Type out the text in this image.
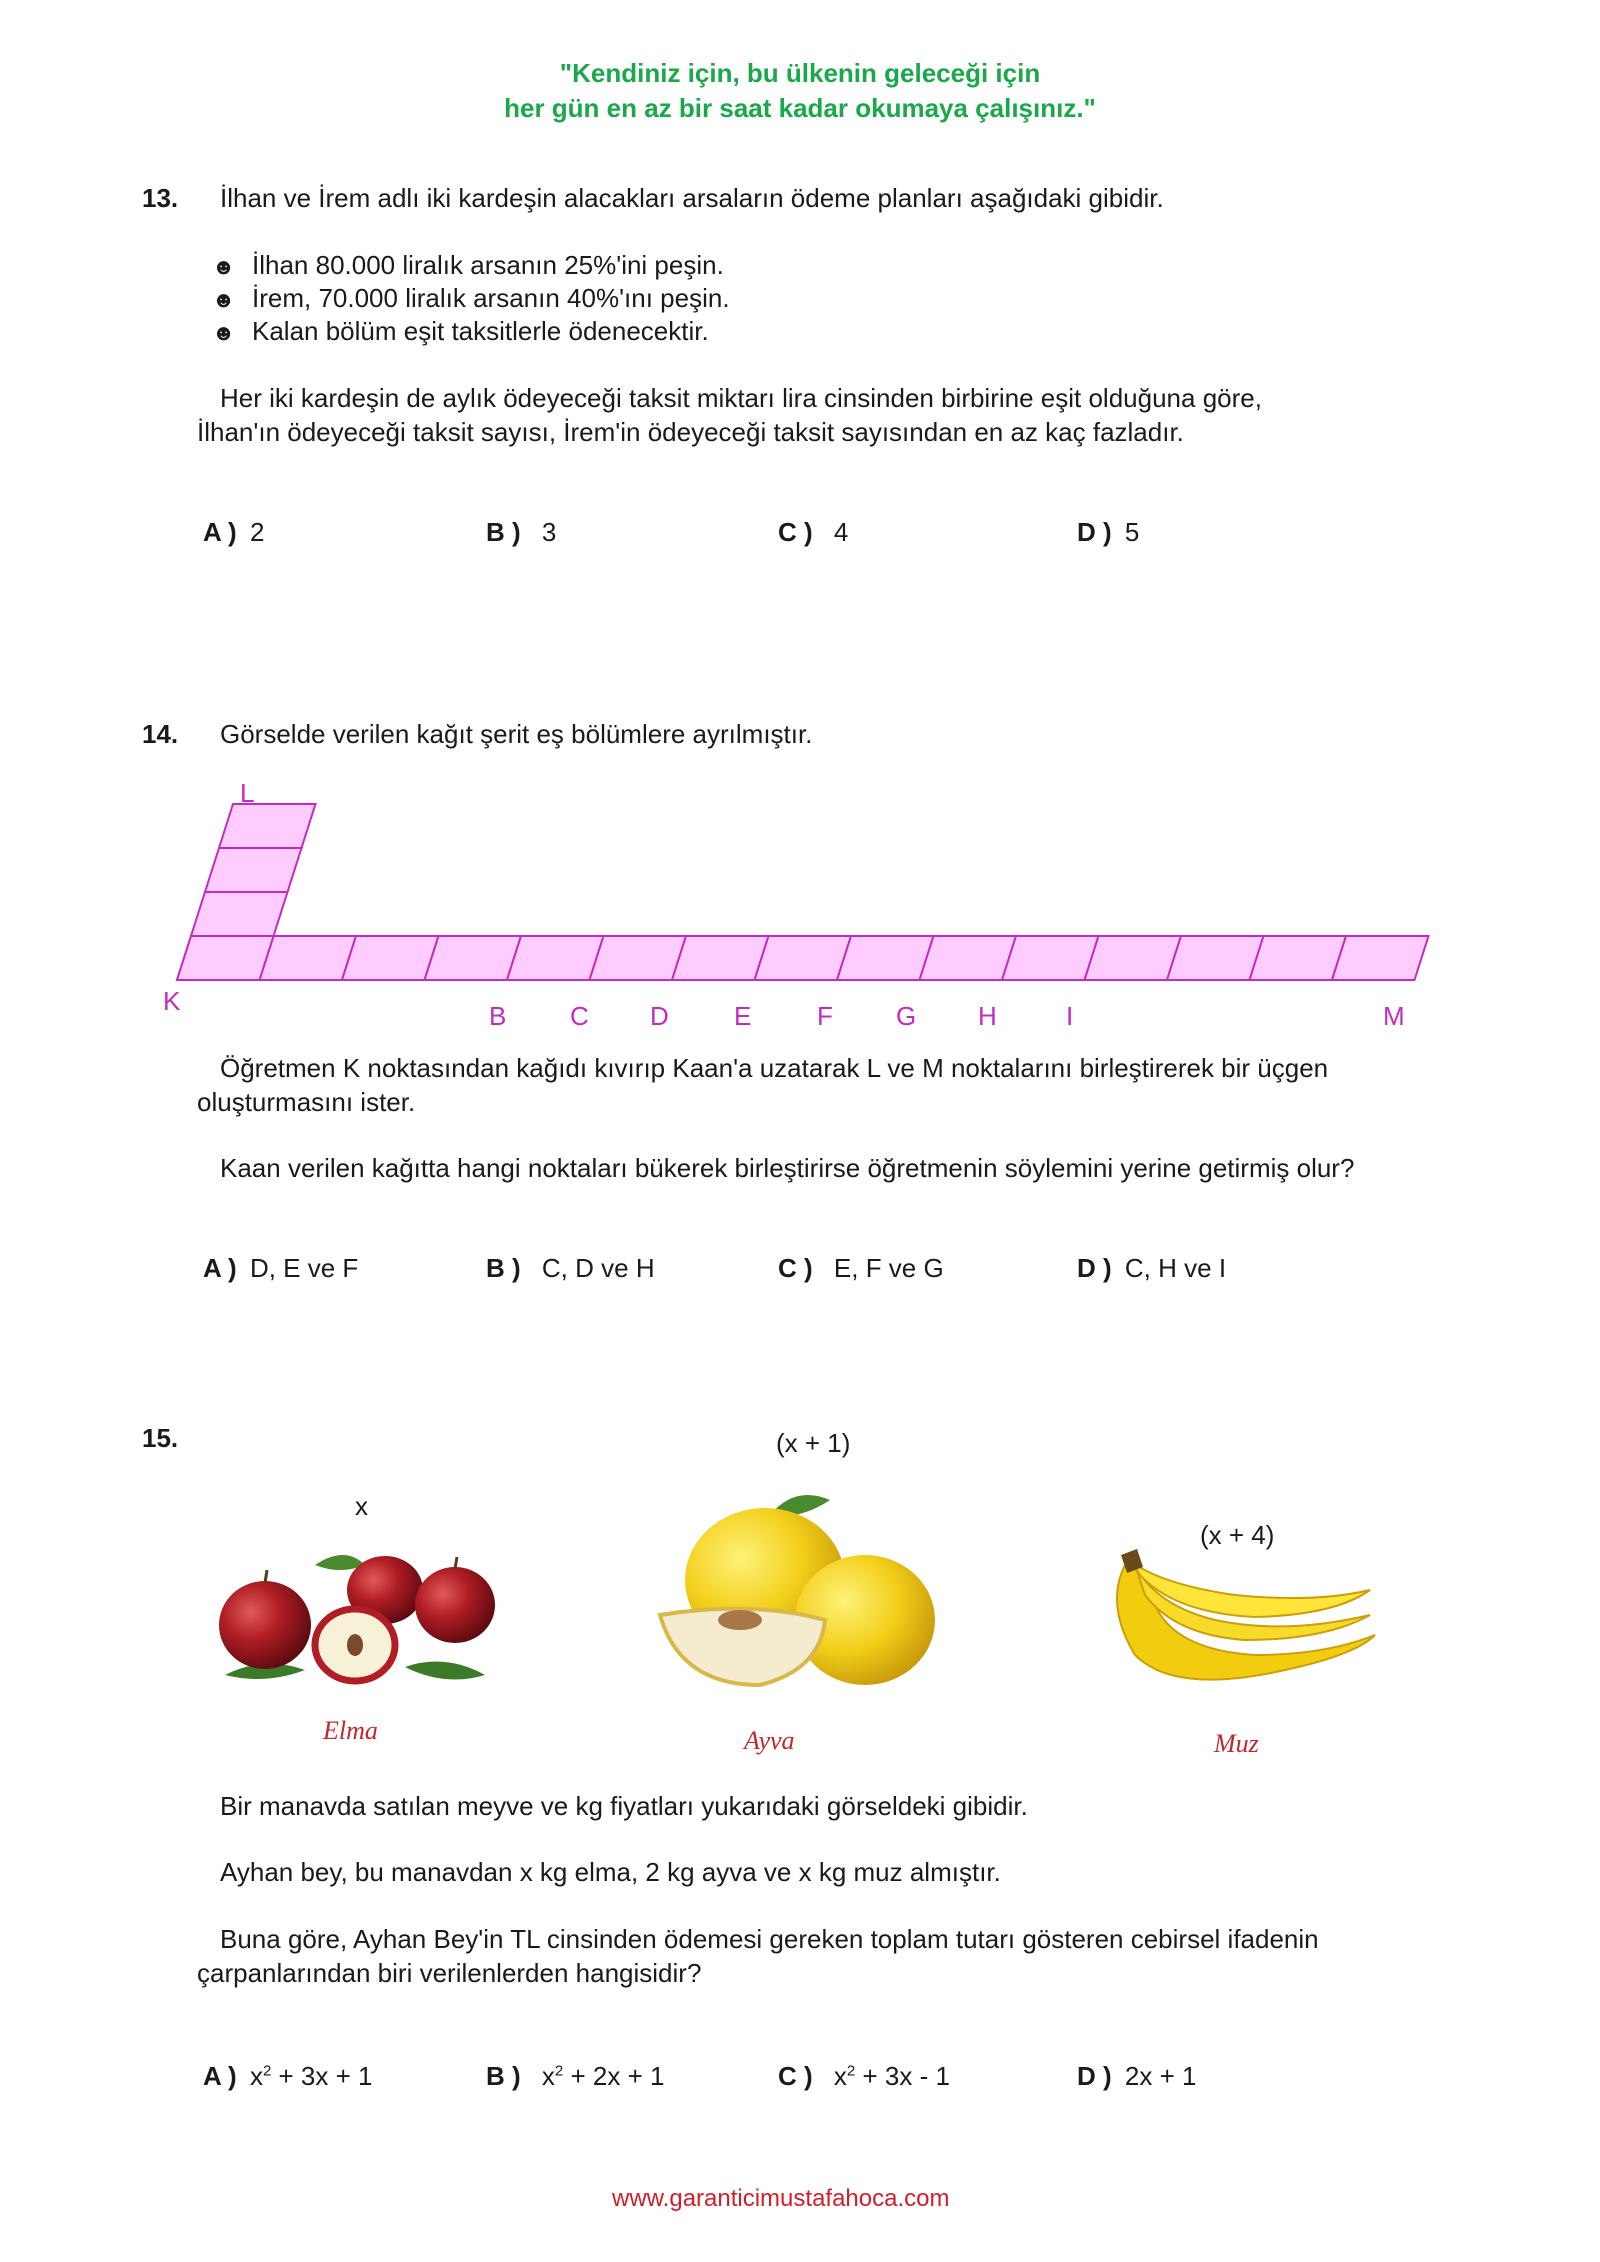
"Kendiniz için, bu ülkenin geleceği için
her gün en az bir saat kadar okumaya çalışınız."
13. İlhan ve İrem adlı iki kardeşin alacakları arsaların ödeme planları aşağıdaki gibidir.
☻ İlhan 80.000 liralık arsanın 25%'ini peşin.
☻ İrem, 70.000 liralık arsanın 40%'ını peşin.
☻ Kalan bölüm eşit taksitlerle ödenecektir.
Her iki kardeşin de aylık ödeyeceği taksit miktarı lira cinsinden birbirine eşit olduğuna göre,
İlhan'ın ödeyeceği taksit sayısı, İrem'in ödeyeceği taksit sayısından en az kaç fazladır.
A ) 2	B ) 3	C ) 4	D ) 5
14. Görselde verilen kağıt şerit eş bölümlere ayrılmıştır.
L
K	B C D	E	F G H	I	M
Öğretmen K noktasından kağıdı kıvırıp Kaan'a uzatarak L ve M noktalarını birleştirerek bir üçgen
oluşturmasını ister.
Kaan verilen kağıtta hangi noktaları bükerek birleştirirse öğretmenin söylemini yerine getirmiş olur?
A ) D, E ve F	B ) C, D ve H	C ) E, F ve G	D ) C, H ve I
15.
x
(x + 1)
(x + 4)
Elma	Ayva	Muz
Bir manavda satılan meyve ve kg fiyatları yukarıdaki görseldeki gibidir.
Ayhan bey, bu manavdan x kg elma, 2 kg ayva ve x kg muz almıştır.
Buna göre, Ayhan Bey'in TL cinsinden ödemesi gereken toplam tutarı gösteren cebirsel ifadenin
çarpanlarından biri verilenlerden hangisidir?
A ) $x^2 + 3x + 1$	B ) $x^2 + 2x + 1$	C ) $x^2 + 3x - 1$	D ) 2x + 1
www.garanticimustafahoca.com
